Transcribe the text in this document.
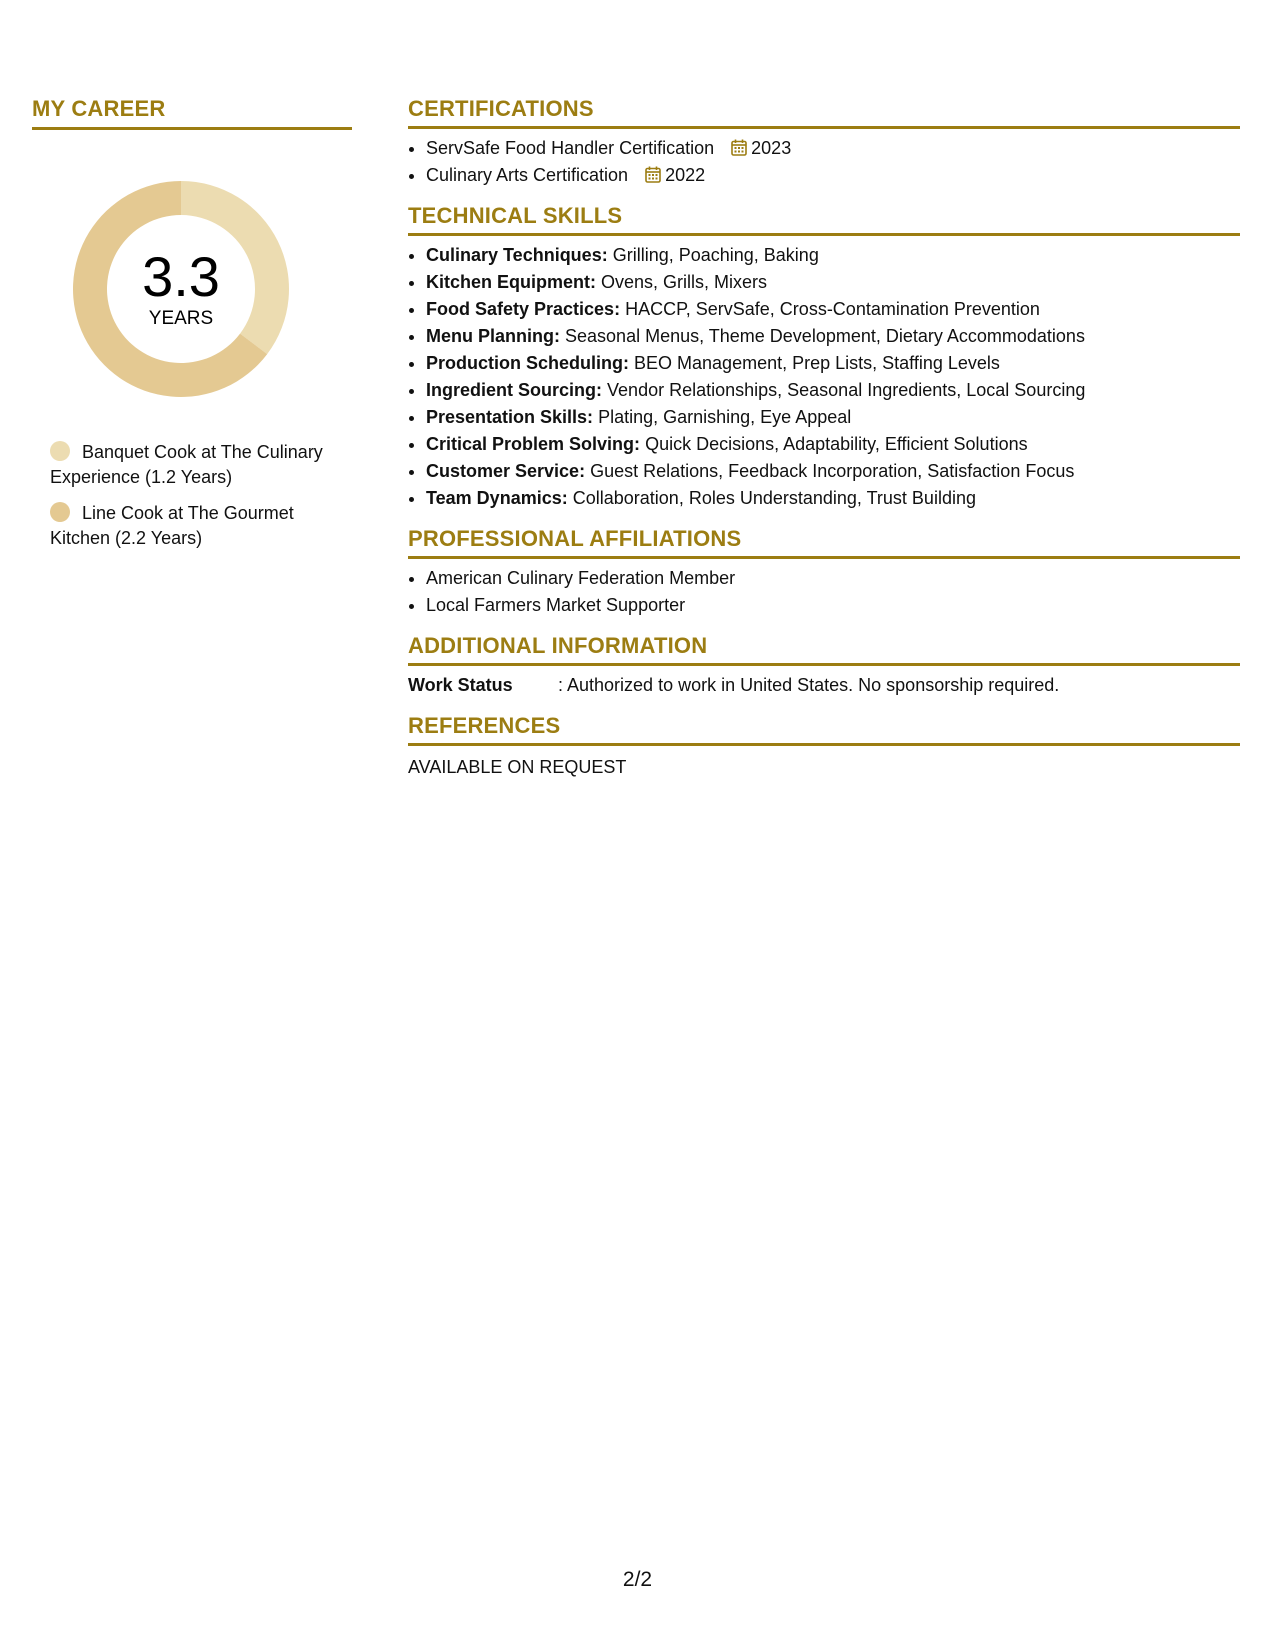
MY CAREER
3.3
YEARS
Banquet Cook at The Culinary Experience (1.2 Years)
Line Cook at The Gourmet Kitchen (2.2 Years)
CERTIFICATIONS
• ServSafe Food Handler Certification 2023
• Culinary Arts Certification 2022
TECHNICAL SKILLS
• Culinary Techniques: Grilling, Poaching, Baking
• Kitchen Equipment: Ovens, Grills, Mixers
• Food Safety Practices: HACCP, ServSafe, Cross-Contamination Prevention
• Menu Planning: Seasonal Menus, Theme Development, Dietary Accommodations
• Production Scheduling: BEO Management, Prep Lists, Staffing Levels
• Ingredient Sourcing: Vendor Relationships, Seasonal Ingredients, Local Sourcing
• Presentation Skills: Plating, Garnishing, Eye Appeal
• Critical Problem Solving: Quick Decisions, Adaptability, Efficient Solutions
• Customer Service: Guest Relations, Feedback Incorporation, Satisfaction Focus
• Team Dynamics: Collaboration, Roles Understanding, Trust Building
PROFESSIONAL AFFILIATIONS
• American Culinary Federation Member
• Local Farmers Market Supporter
ADDITIONAL INFORMATION
Work Status	: Authorized to work in United States. No sponsorship required.
REFERENCES
AVAILABLE ON REQUEST
2/2
